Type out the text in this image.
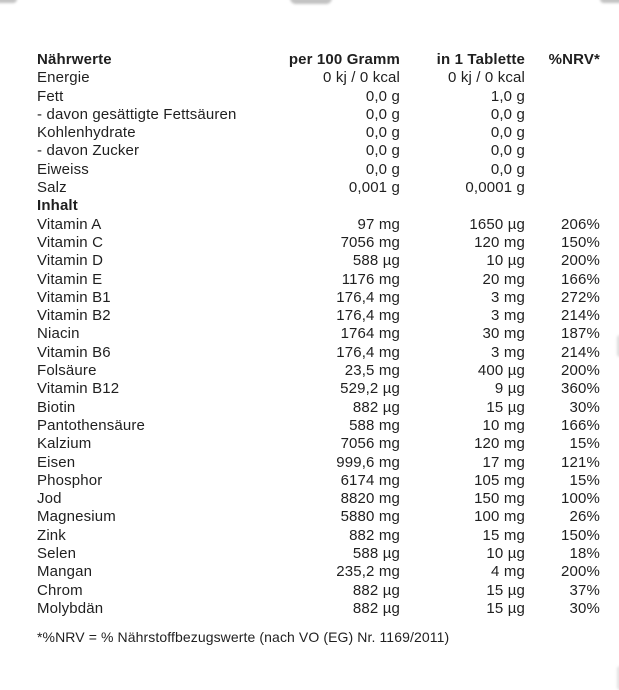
Nährwerte	per 100 Gramm	in 1 Tablette	%NRV*
Energie	0 kj / 0 kcal	0 kj / 0 kcal
Fett	0,0 g	1,0 g
- davon gesättigte Fettsäuren	0,0 g	0,0 g
Kohlenhydrate	0,0 g	0,0 g
- davon Zucker	0,0 g	0,0 g
Eiweiss	0,0 g	0,0 g
Salz	0,001 g	0,0001 g
Inhalt
Vitamin A	97 mg	1650 µg	206%
Vitamin C	7056 mg	120 mg	150%
Vitamin D	588 µg	10 µg	200%
Vitamin E	1176 mg	20 mg	166%
Vitamin B1	176,4 mg	3 mg	272%
Vitamin B2	176,4 mg	3 mg	214%
Niacin	1764 mg	30 mg	187%
Vitamin B6	176,4 mg	3 mg	214%
Folsäure	23,5 mg	400 µg	200%
Vitamin B12	529,2 µg	9 µg	360%
Biotin	882 µg	15 µg	30%
Pantothensäure	588 mg	10 mg	166%
Kalzium	7056 mg	120 mg	15%
Eisen	999,6 mg	17 mg	121%
Phosphor	6174 mg	105 mg	15%
Jod	8820 mg	150 mg	100%
Magnesium	5880 mg	100 mg	26%
Zink	882 mg	15 mg	150%
Selen	588 µg	10 µg	18%
Mangan	235,2 mg	4 mg	200%
Chrom	882 µg	15 µg	37%
Molybdän	882 µg	15 µg	30%
*%NRV = % Nährstoffbezugswerte (nach VO (EG) Nr. 1169/2011)
